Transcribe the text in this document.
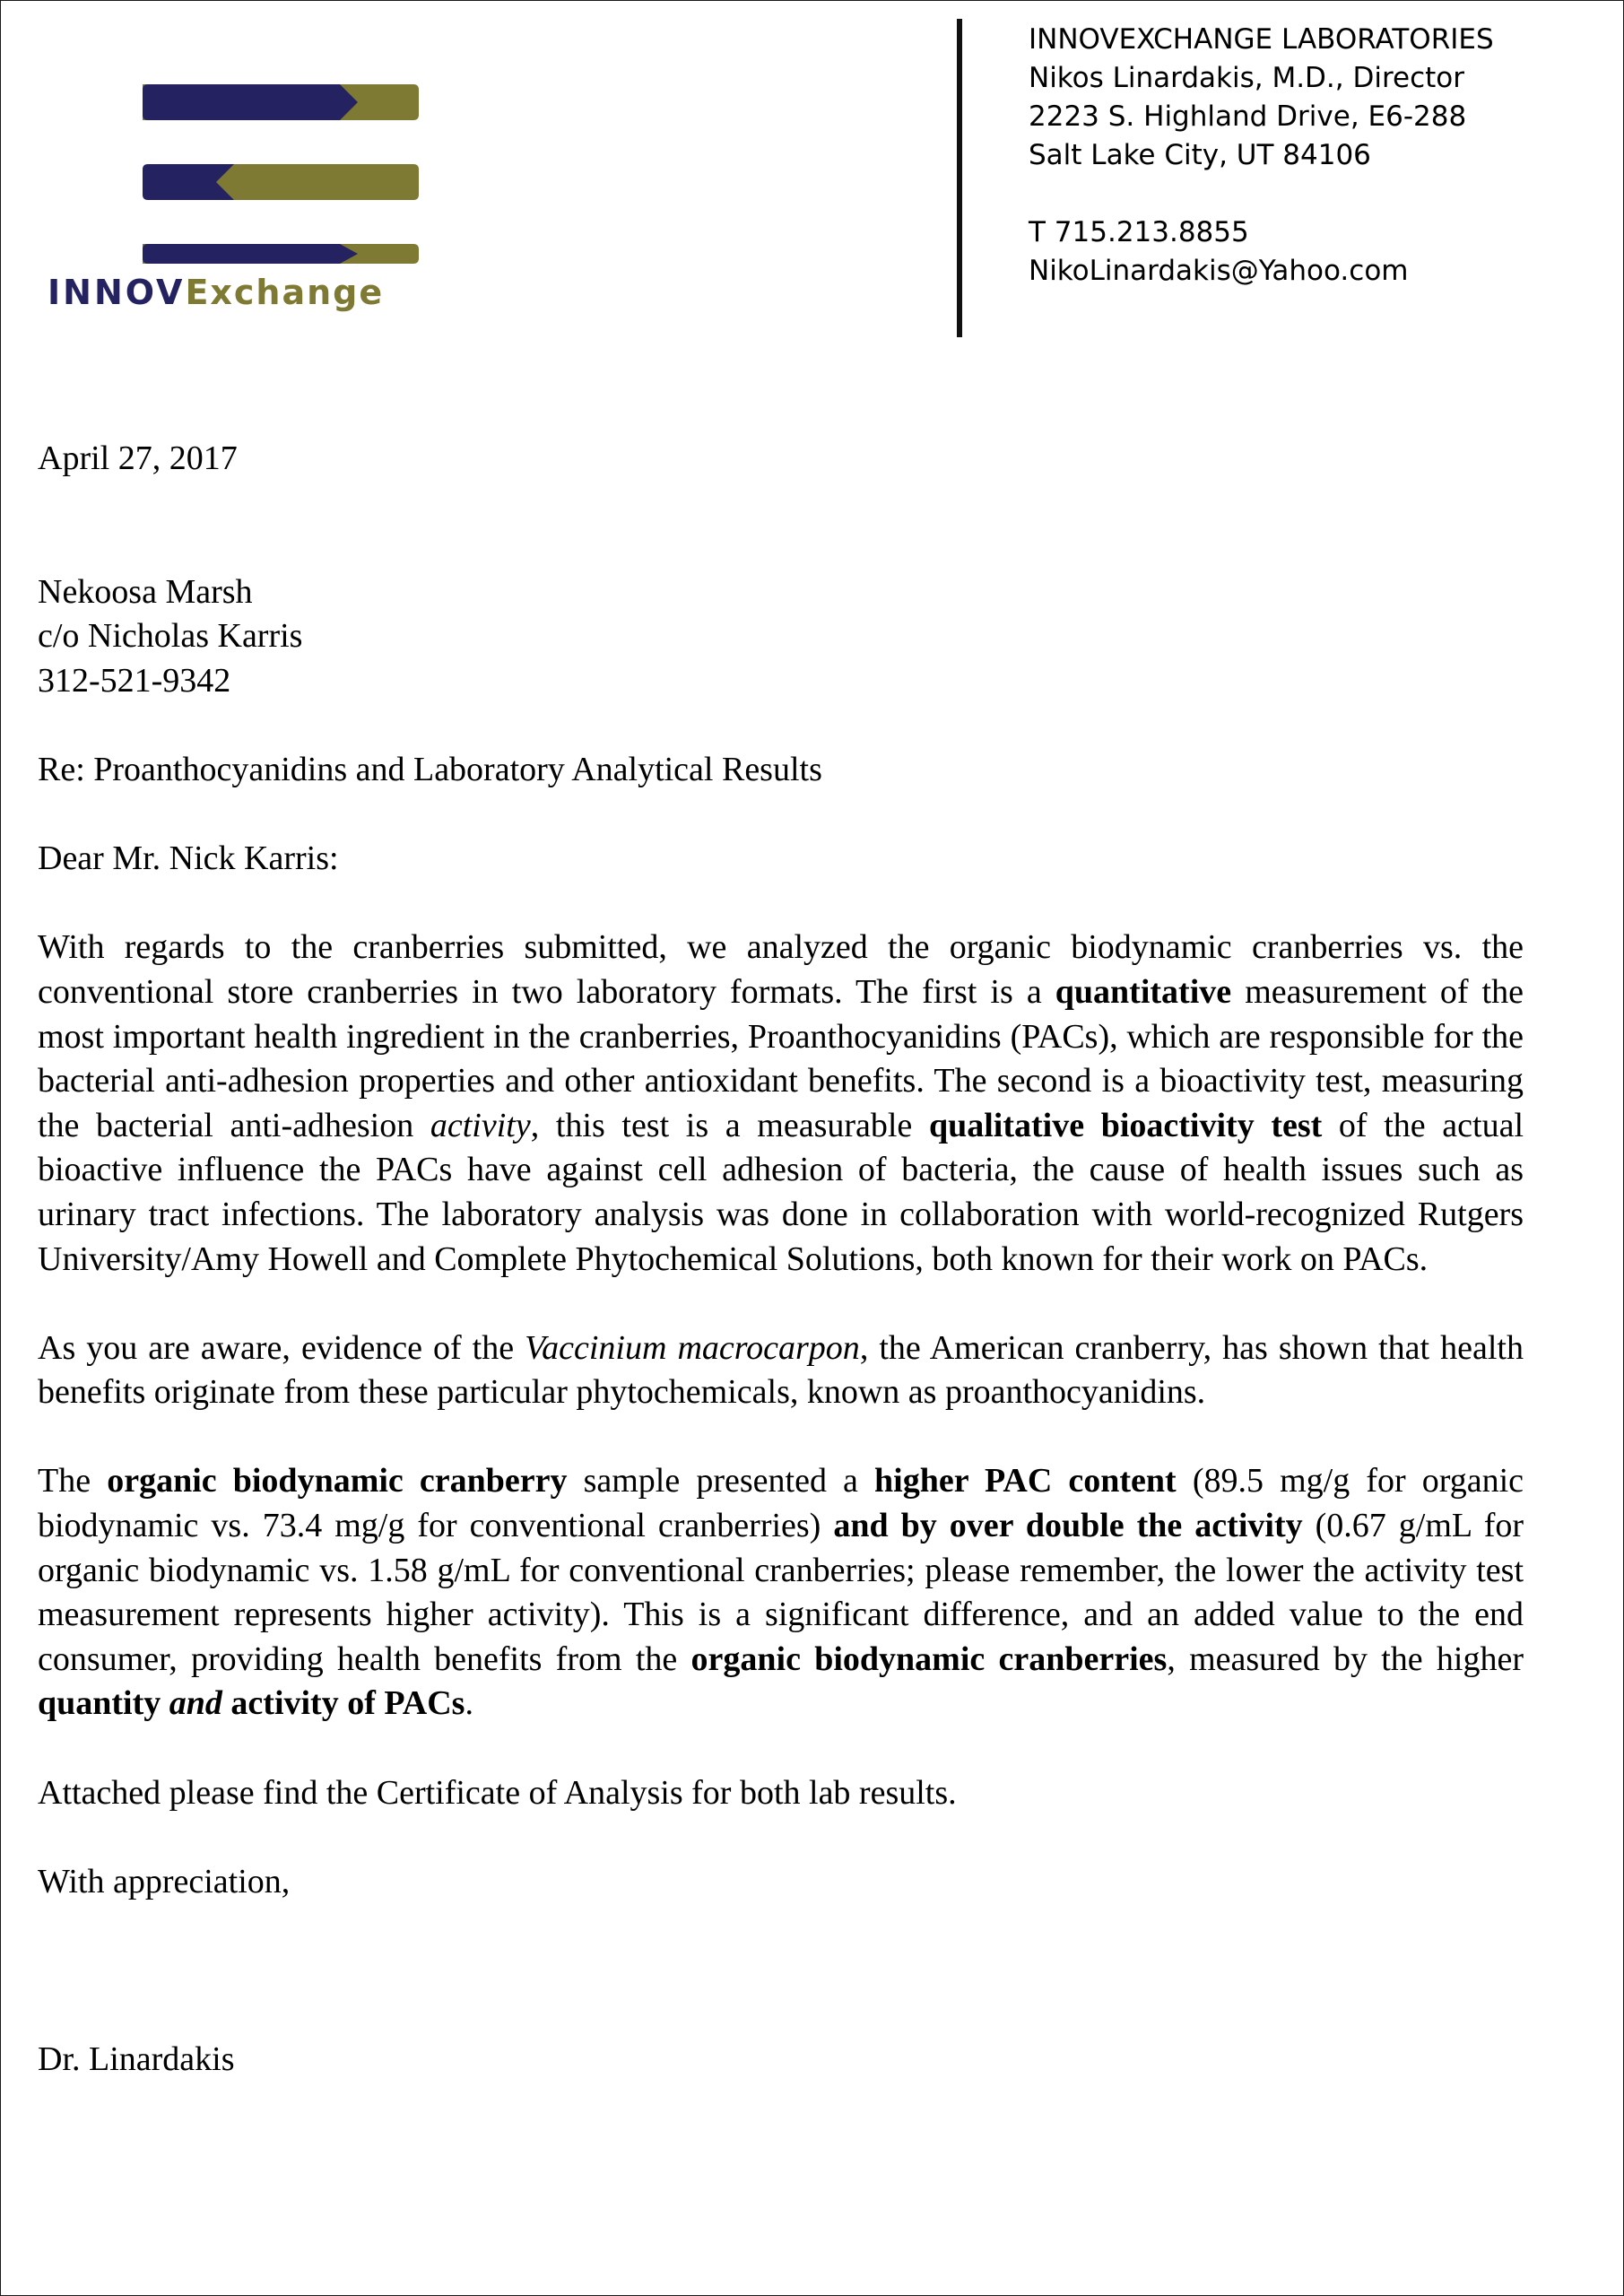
INNOVExchange
INNOVEXCHANGE LABORATORIES
Nikos Linardakis, M.D., Director
2223 S. Highland Drive, E6-288
Salt Lake City, UT 84106
T 715.213.8855
NikoLinardakis@Yahoo.com

April 27, 2017

Nekoosa Marsh

c/o Nicholas Karris

312-521-9342

Re: Proanthocyanidins and Laboratory Analytical Results

Dear Mr. Nick Karris:

With regards to the cranberries submitted, we analyzed the organic biodynamic cranberries vs. the conventional store cranberries in two laboratory formats. The first is a quantitative measurement of the most important health ingredient in the cranberries, Proanthocyanidins (PACs), which are responsible for the bacterial anti-adhesion properties and other antioxidant benefits. The second is a bioactivity test, measuring the bacterial anti-adhesion activity, this test is a measurable qualitative bioactivity test of the actual bioactive influence the PACs have against cell adhesion of bacteria, the cause of health issues such as urinary tract infections. The laboratory analysis was done in collaboration with world-recognized Rutgers University/Amy Howell and Complete Phytochemical Solutions, both known for their work on PACs.

As you are aware, evidence of the Vaccinium macrocarpon, the American cranberry, has shown that health benefits originate from these particular phytochemicals, known as proanthocyanidins.

The organic biodynamic cranberry sample presented a higher PAC content (89.5 mg/g for organic biodynamic vs. 73.4 mg/g for conventional cranberries) and by over double the activity (0.67 g/mL for organic biodynamic vs. 1.58 g/mL for conventional cranberries; please remember, the lower the activity test measurement represents higher activity). This is a significant difference, and an added value to the end consumer, providing health benefits from the organic biodynamic cranberries, measured by the higher quantity and activity of PACs.

Attached please find the Certificate of Analysis for both lab results.

With appreciation,

Dr. Linardakis
